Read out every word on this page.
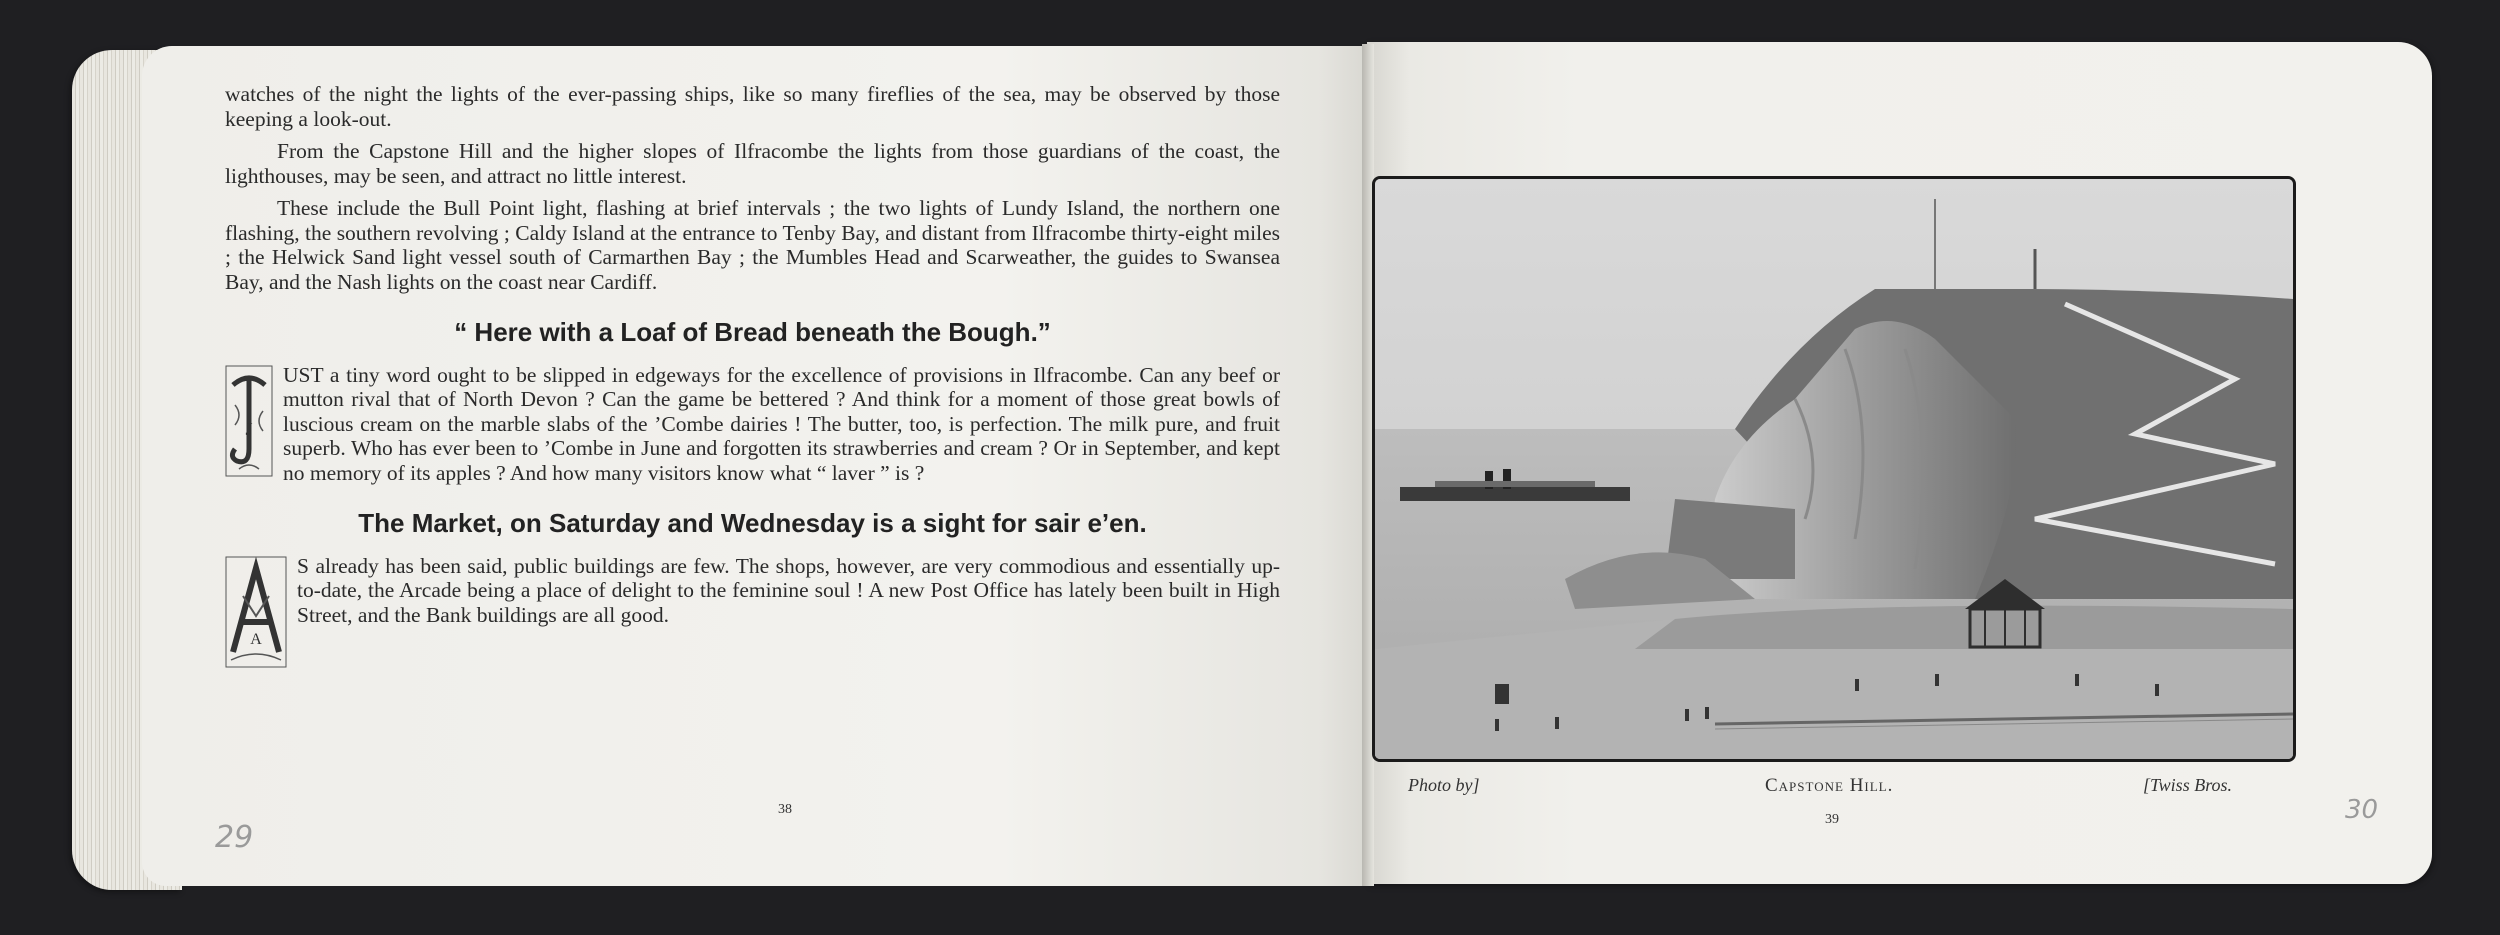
watches of the night the lights of the ever-passing ships, like so many fireflies of the sea, may be observed by those keeping a look-out.

From the Capstone Hill and the higher slopes of Ilfracombe the lights from those guardians of the coast, the lighthouses, may be seen, and attract no little interest.

These include the Bull Point light, flashing at brief intervals ; the two lights of Lundy Island, the northern one flashing, the southern revolving ; Caldy Island at the entrance to Tenby Bay, and distant from Ilfracombe thirty-eight miles ; the Helwick Sand light vessel south of Carmarthen Bay ; the Mumbles Head and Scarweather, the guides to Swansea Bay, and the Nash lights on the coast near Cardiff.

“ Here with a Loaf of Bread beneath the Bough.”

J
UST a tiny word ought to be slipped in edgeways for the excellence of provisions in Ilfracombe. Can any beef or mutton rival that of North Devon ? Can the game be bettered ? And think for a moment of those great bowls of luscious cream on the marble slabs of the ’Combe dairies ! The butter, too, is perfection. The milk pure, and fruit superb. Who has ever been to ’Combe in June and forgotten its strawberries and cream ? Or in September, and kept no memory of its apples ? And how many visitors know what “ laver ” is ?

The Market, on Saturday and Wednesday is a sight for sair e’en.

A
S already has been said, public buildings are few. The shops, however, are very commodious and essentially up-to-date, the Arcade being a place of delight to the feminine soul ! A new Post Office has lately been built in High Street, and the Bank buildings are all good.

38
29
Photo by]	Capstone Hill.	[Twiss Bros.
39	30
